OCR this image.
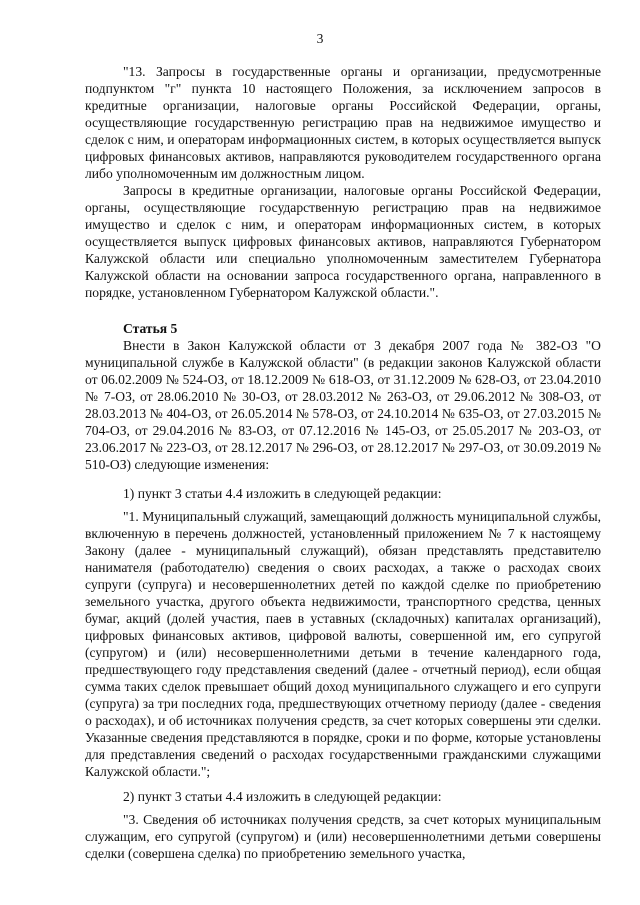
3

"13. Запросы в государственные органы и организации, предусмотренные подпунктом "г" пункта 10 настоящего Положения, за исключением запросов в кредитные организации, налоговые органы Российской Федерации, органы, осуществляющие государственную регистрацию прав на недвижимое имущество и сделок с ним, и операторам информационных систем, в которых осуществляется выпуск цифровых финансовых активов, направляются руководителем государственного органа либо уполномоченным им должностным лицом.

Запросы в кредитные организации, налоговые органы Российской Федерации, органы, осуществляющие государственную регистрацию прав на недвижимое имущество и сделок с ним, и операторам информационных систем, в которых осуществляется выпуск цифровых финансовых активов, направляются Губернатором Калужской области или специально уполномоченным заместителем Губернатора Калужской области на основании запроса государственного органа, направленного в порядке, установленном Губернатором Калужской области.".

Статья 5

Внести в Закон Калужской области от 3 декабря 2007 года № 382-ОЗ "О муниципальной службе в Калужской области" (в редакции законов Калужской области от 06.02.2009 № 524-ОЗ, от 18.12.2009 № 618-ОЗ, от 31.12.2009 № 628-ОЗ, от 23.04.2010 № 7-ОЗ, от 28.06.2010 № 30-ОЗ, от 28.03.2012 № 263-ОЗ, от 29.06.2012 № 308-ОЗ, от 28.03.2013 № 404-ОЗ, от 26.05.2014 № 578-ОЗ, от 24.10.2014 № 635-ОЗ, от 27.03.2015 № 704-ОЗ, от 29.04.2016 № 83-ОЗ, от 07.12.2016 № 145-ОЗ, от 25.05.2017 № 203-ОЗ, от 23.06.2017 № 223-ОЗ, от 28.12.2017 № 296-ОЗ, от 28.12.2017 № 297-ОЗ, от 30.09.2019 № 510-ОЗ) следующие изменения:

1) пункт 3 статьи 4.4 изложить в следующей редакции:

"1. Муниципальный служащий, замещающий должность муниципальной службы, включенную в перечень должностей, установленный приложением № 7 к настоящему Закону (далее - муниципальный служащий), обязан представлять представителю нанимателя (работодателю) сведения о своих расходах, а также о расходах своих супруги (супруга) и несовершеннолетних детей по каждой сделке по приобретению земельного участка, другого объекта недвижимости, транспортного средства, ценных бумаг, акций (долей участия, паев в уставных (складочных) капиталах организаций), цифровых финансовых активов, цифровой валюты, совершенной им, его супругой (супругом) и (или) несовершеннолетними детьми в течение календарного года, предшествующего году представления сведений (далее - отчетный период), если общая сумма таких сделок превышает общий доход муниципального служащего и его супруги (супруга) за три последних года, предшествующих отчетному периоду (далее - сведения о расходах), и об источниках получения средств, за счет которых совершены эти сделки. Указанные сведения представляются в порядке, сроки и по форме, которые установлены для представления сведений о расходах государственными гражданскими служащими Калужской области.";

2) пункт 3 статьи 4.4 изложить в следующей редакции:

"3. Сведения об источниках получения средств, за счет которых муниципальным служащим, его супругой (супругом) и (или) несовершеннолетними детьми совершены сделки (совершена сделка) по приобретению земельного участка,
